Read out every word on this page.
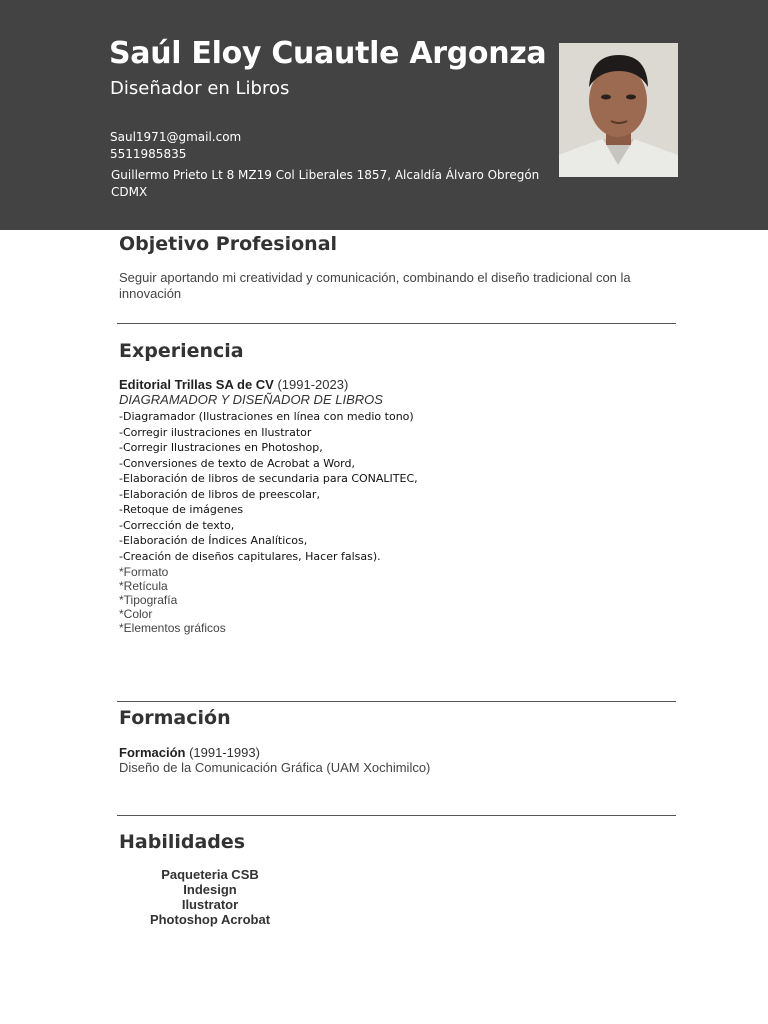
Saúl Eloy Cuautle Argonza
Diseñador en Libros
Saul1971@gmail.com
5511985835
Guillermo Prieto Lt 8 MZ19 Col Liberales 1857, Alcaldía Álvaro Obregón
CDMX
Objetivo Profesional
Seguir aportando mi creatividad y comunicación, combinando el diseño tradicional con la innovación
Experiencia
Editorial Trillas SA de CV (1991-2023)
DIAGRAMADOR Y DISEÑADOR DE LIBROS
-Diagramador (Ilustraciones en línea con medio tono)
-Corregir ilustraciones en Ilustrator
-Corregir Ilustraciones en Photoshop,
-Conversiones de texto de Acrobat a Word,
-Elaboración de libros de secundaria para CONALITEC,
-Elaboración de libros de preescolar,
-Retoque de imágenes
-Corrección de texto,
-Elaboración de Índices Analíticos,
-Creación de diseños capitulares, Hacer falsas).
*Formato
*Retícula
*Tipografía
*Color
*Elementos gráficos
Formación
Formación (1991-1993)
Diseño de la Comunicación Gráfica (UAM Xochimilco)
Habilidades
Paqueteria CSB
Indesign
Ilustrator
Photoshop Acrobat
